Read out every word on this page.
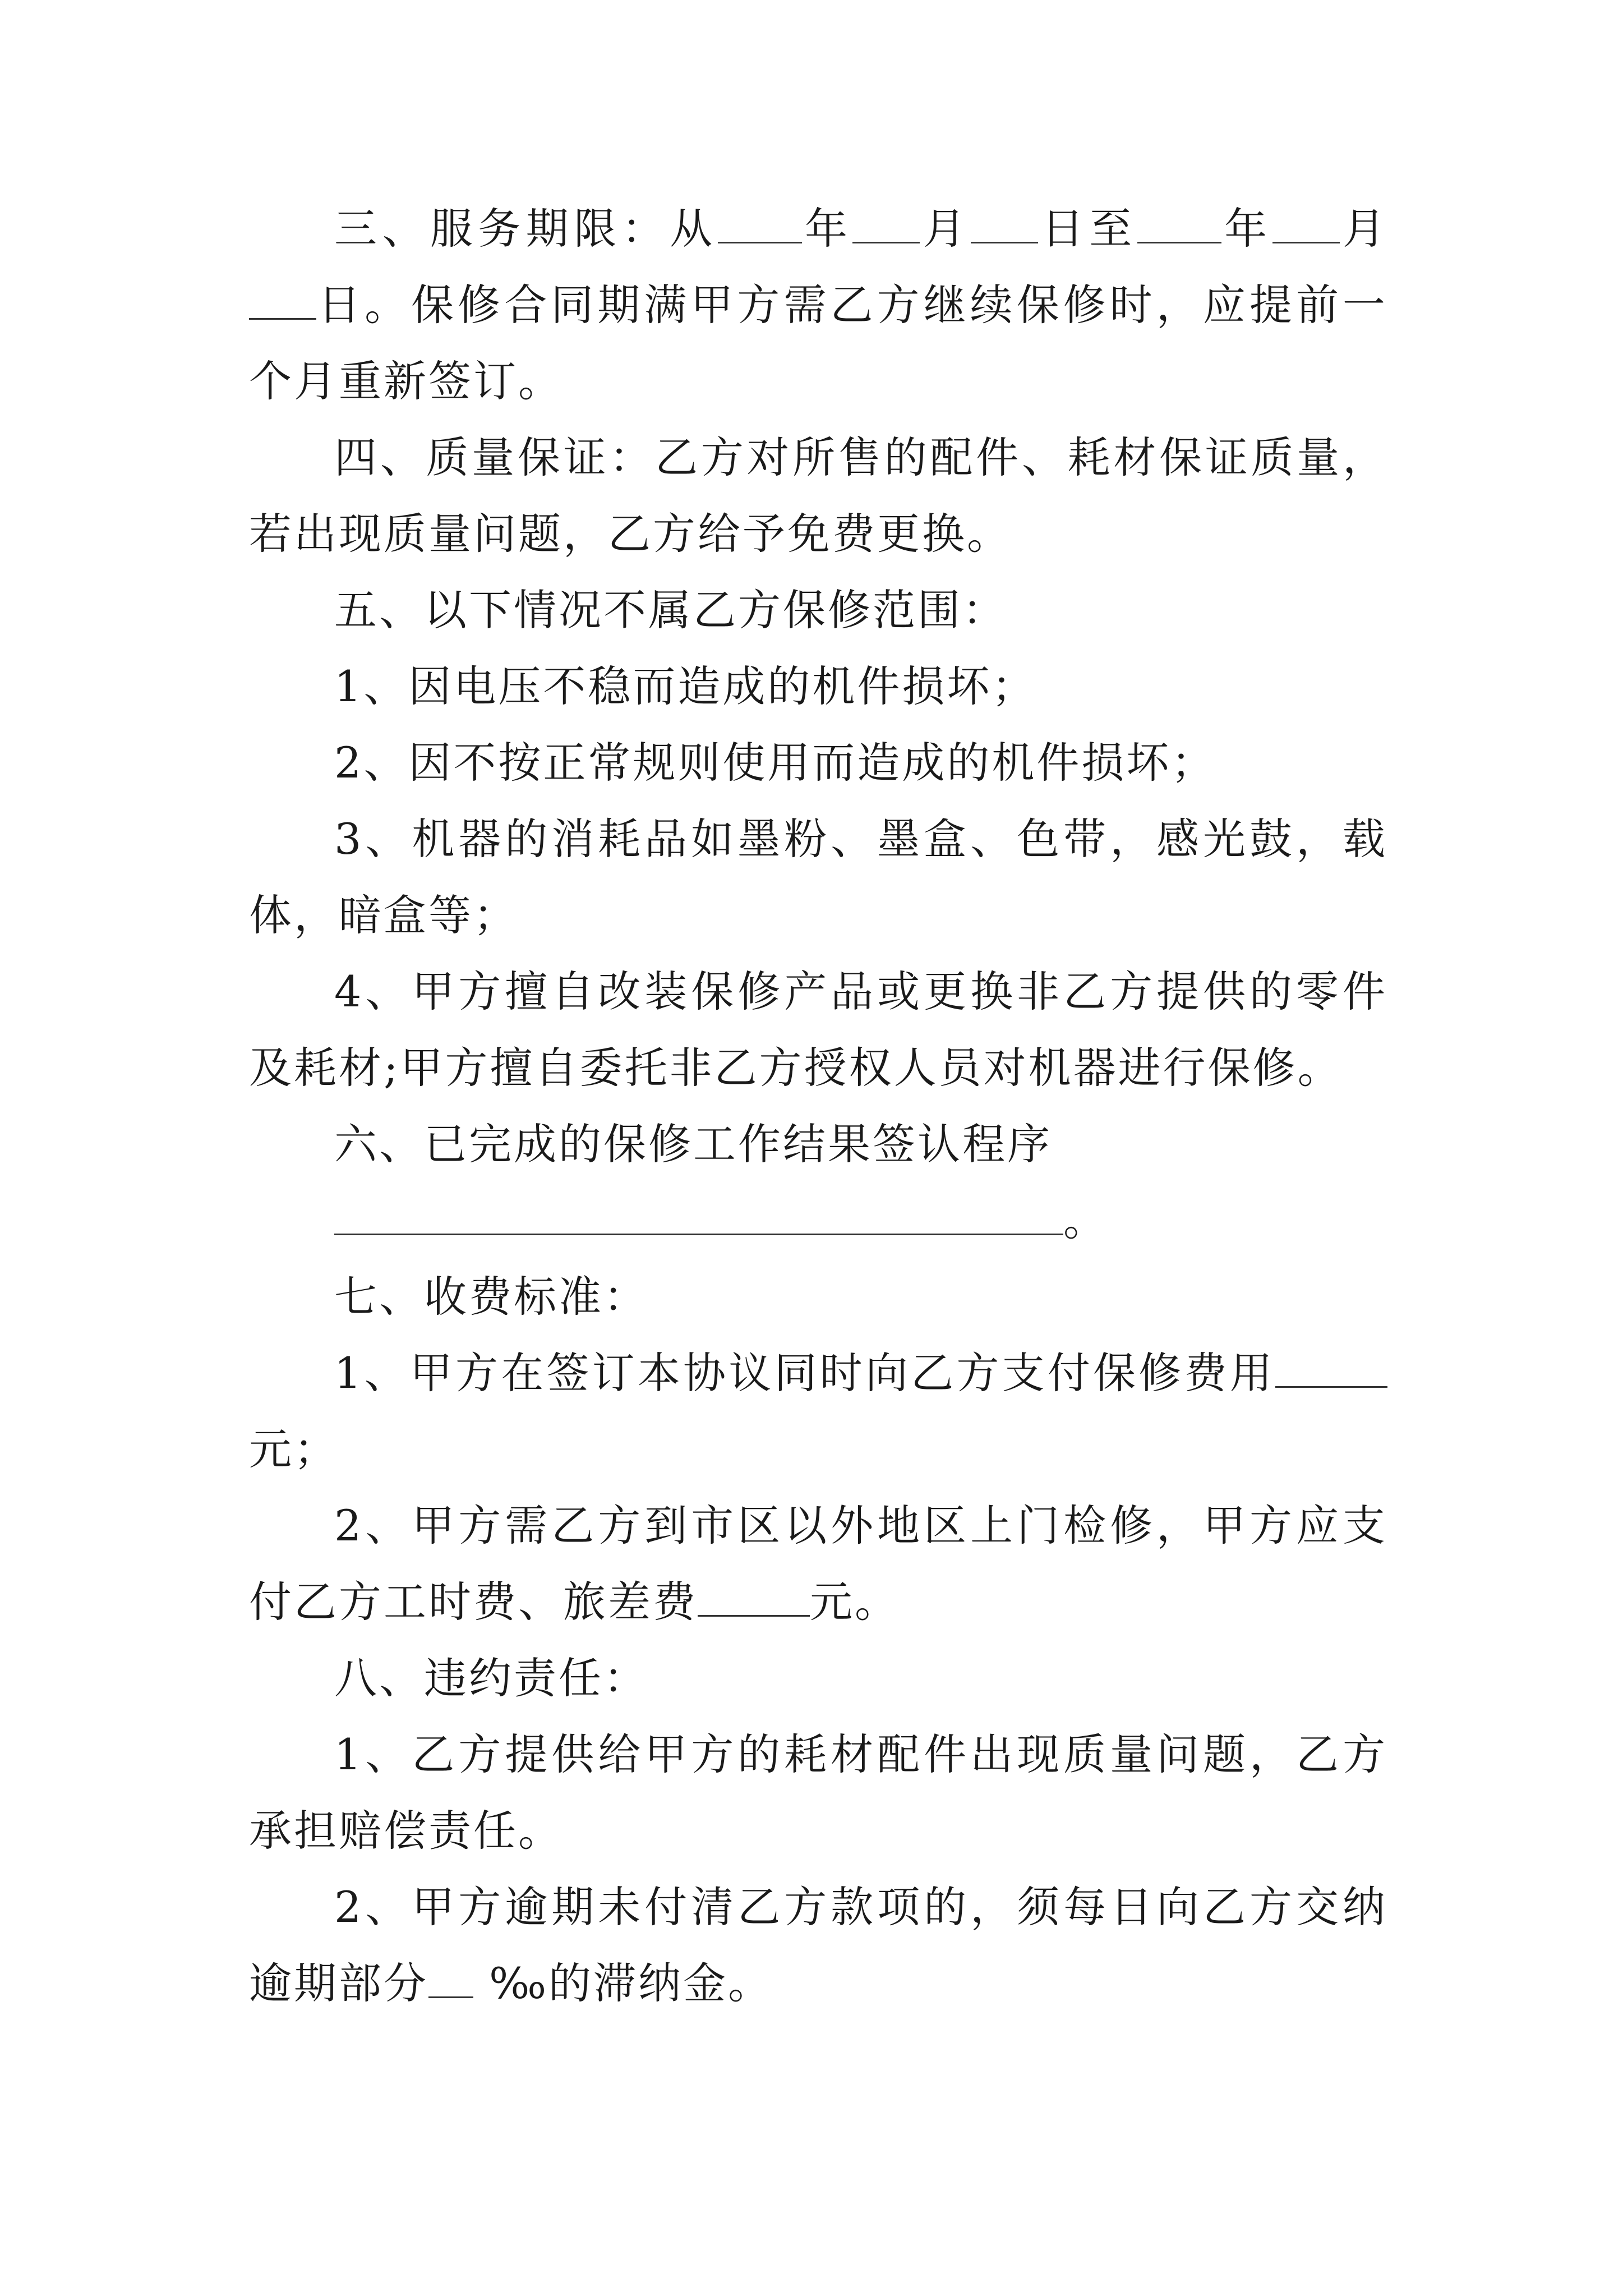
三、服务期限：从 年 月 日至 年 月日。保修合同期满甲方需乙方继续保修时，应提前一个月重新签订。

四、质量保证：乙方对所售的配件、耗材保证质量，若出现质量问题，乙方给予免费更换。

五、以下情况不属乙方保修范围：

1、因电压不稳而造成的机件损坏；

2、因不按正常规则使用而造成的机件损坏；

3、机器的消耗品如墨粉、墨盒、色带，感光鼓，载体，暗盒等；

4、甲方擅自改装保修产品或更换非乙方提供的零件及耗材;甲方擅自委托非乙方授权人员对机器进行保修。

六、已完成的保修工作结果签认程序

。

七、收费标准：

1、甲方在签订本协议同时向乙方支付保修费用元；

2、甲方需乙方到市区以外地区上门检修，甲方应支付乙方工时费、旅差费	元。

八、违约责任：

1、乙方提供给甲方的耗材配件出现质量问题，乙方承担赔偿责任。

2、甲方逾期未付清乙方款项的，须每日向乙方交纳逾期部分 ‰的滞纳金。
